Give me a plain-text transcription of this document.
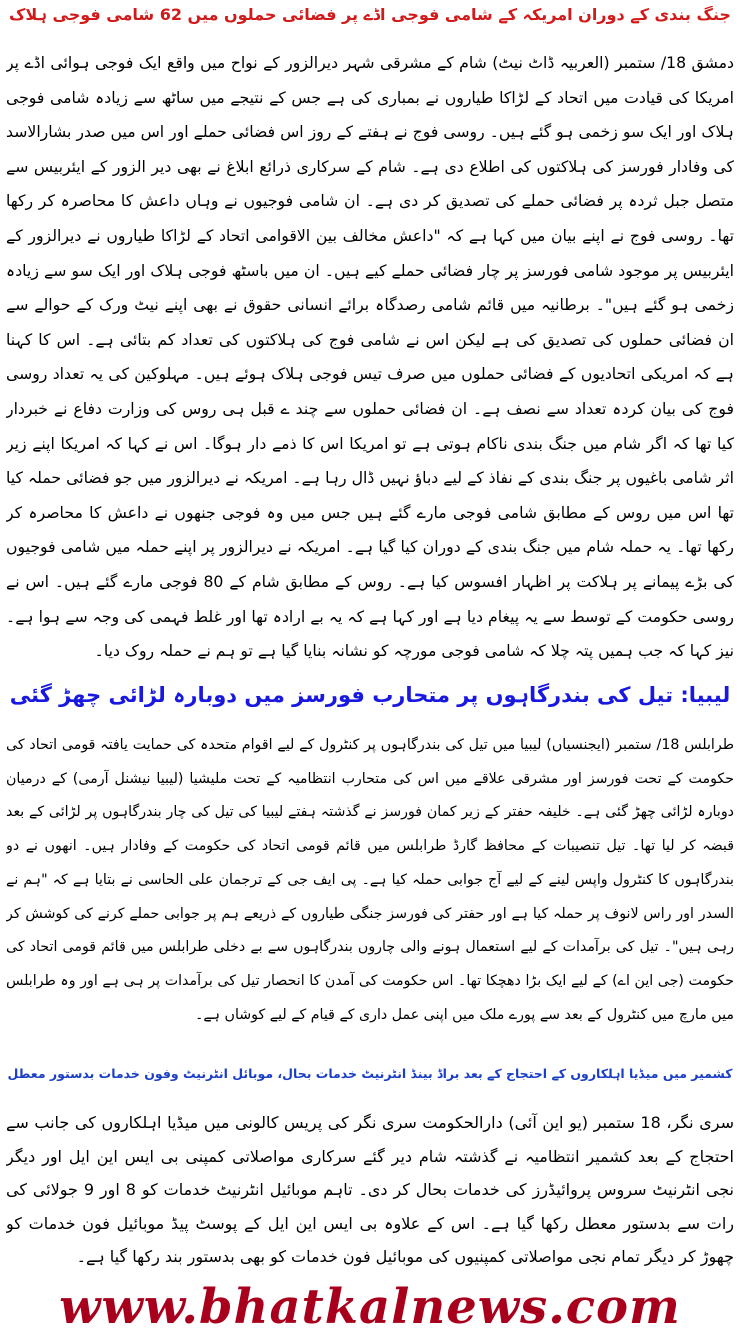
جنگ بندی کے دوران امریکہ کے شامی فوجی اڈے پر فضائی حملوں میں 62 شامی فوجی ہلاک
دمشق 18/ ستمبر (العربیہ ڈاٹ نیٹ) شام کے مشرقی شہر دیرالزور کے نواح میں واقع ایک فوجی ہوائی اڈے پر امریکا کی قیادت میں اتحاد کے لڑاکا طیاروں نے بمباری کی ہے جس کے نتیجے میں ساٹھ سے زیادہ شامی فوجی ہلاک اور ایک سو زخمی ہو گئے ہیں۔ روسی فوج نے ہفتے کے روز اس فضائی حملے اور اس میں صدر بشارالاسد کی وفادار فورسز کی ہلاکتوں کی اطلاع دی ہے۔ شام کے سرکاری ذرائع ابلاغ نے بھی دیر الزور کے ایئربیس سے متصل جبل ثردہ پر فضائی حملے کی تصدیق کر دی ہے۔ ان شامی فوجیوں نے وہاں داعش کا محاصرہ کر رکھا تھا۔ روسی فوج نے اپنے بیان میں کہا ہے کہ "داعش مخالف بین الاقوامی اتحاد کے لڑاکا طیاروں نے دیرالزور کے ایئربیس پر موجود شامی فورسز پر چار فضائی حملے کیے ہیں۔ ان میں باسٹھ فوجی ہلاک اور ایک سو سے زیادہ زخمی ہو گئے ہیں"۔ برطانیہ میں قائم شامی رصدگاہ برائے انسانی حقوق نے بھی اپنے نیٹ ورک کے حوالے سے ان فضائی حملوں کی تصدیق کی ہے لیکن اس نے شامی فوج کی ہلاکتوں کی تعداد کم بتائی ہے۔ اس کا کہنا ہے کہ امریکی اتحادیوں کے فضائی حملوں میں صرف تیس فوجی ہلاک ہوئے ہیں۔ مہلوکین کی یہ تعداد روسی فوج کی بیان کردہ تعداد سے نصف ہے۔ ان فضائی حملوں سے چند ے قبل ہی روس کی وزارت دفاع نے خبردار کیا تھا کہ اگر شام میں جنگ بندی ناکام ہوتی ہے تو امریکا اس کا ذمے دار ہوگا۔ اس نے کہا کہ امریکا اپنے زیر اثر شامی باغیوں پر جنگ بندی کے نفاذ کے لیے دباؤ نہیں ڈال رہا ہے۔ امریکہ نے دیرالزور میں جو فضائی حملہ کیا تھا اس میں روس کے مطابق شامی فوجی مارے گئے ہیں جس میں وہ فوجی جنھوں نے داعش کا محاصرہ کر رکھا تھا۔ یہ حملہ شام میں جنگ بندی کے دوران کیا گیا ہے۔ امریکہ نے دیرالزور پر اپنے حملہ میں شامی فوجیوں کی بڑے پیمانے پر ہلاکت پر اظہار افسوس کیا ہے۔ روس کے مطابق شام کے 80 فوجی مارے گئے ہیں۔ اس نے روسی حکومت کے توسط سے یہ پیغام دیا ہے اور کہا ہے کہ یہ بے ارادہ تھا اور غلط فہمی کی وجہ سے ہوا ہے۔ نیز کہا کہ جب ہمیں پتہ چلا کہ شامی فوجی مورچہ کو نشانہ بنایا گیا ہے تو ہم نے حملہ روک دیا۔
لیبیا: تیل کی بندرگاہوں پر متحارب فورسز میں دوبارہ لڑائی چھڑ گئی
طرابلس 18/ ستمبر (ایجنسیاں) لیبیا میں تیل کی بندرگاہوں پر کنٹرول کے لیے اقوام متحدہ کی حمایت یافتہ قومی اتحاد کی حکومت کے تحت فورسز اور مشرقی علاقے میں اس کی متحارب انتظامیہ کے تحت ملیشیا (لیبیا نیشنل آرمی) کے درمیان دوبارہ لڑائی چھڑ گئی ہے۔ خلیفہ حفتر کے زیر کمان فورسز نے گذشتہ ہفتے لیبیا کی تیل کی چار بندرگاہوں پر لڑائی کے بعد قبضہ کر لیا تھا۔ تیل تنصیبات کے محافظ گارڈ طرابلس میں قائم قومی اتحاد کی حکومت کے وفادار ہیں۔ انھوں نے دو بندرگاہوں کا کنٹرول واپس لینے کے لیے آج جوابی حملہ کیا ہے۔ پی ایف جی کے ترجمان علی الحاسی نے بتایا ہے کہ "ہم نے السدر اور راس لانوف پر حملہ کیا ہے اور حفتر کی فورسز جنگی طیاروں کے ذریعے ہم پر جوابی حملے کرنے کی کوشش کر رہی ہیں"۔ تیل کی برآمدات کے لیے استعمال ہونے والی چاروں بندرگاہوں سے بے دخلی طرابلس میں قائم قومی اتحاد کی حکومت (جی این اے) کے لیے ایک بڑا دھچکا تھا۔ اس حکومت کی آمدن کا انحصار تیل کی برآمدات پر ہی ہے اور وہ طرابلس میں مارچ میں کنٹرول کے بعد سے پورے ملک میں اپنی عمل داری کے قیام کے لیے کوشاں ہے۔
کشمیر میں میڈیا اہلکاروں کے احتجاج کے بعد براڈ بینڈ انٹرنیٹ خدمات بحال، موبائل انٹرنیٹ وفون خدمات بدستور معطل
سری نگر، 18 ستمبر (یو این آئی) دارالحکومت سری نگر کی پریس کالونی میں میڈیا اہلکاروں کی جانب سے احتجاج کے بعد کشمیر انتظامیہ نے گذشتہ شام دیر گئے سرکاری مواصلاتی کمپنی بی ایس این ایل اور دیگر نجی انٹرنیٹ سروس پروائیڈرز کی خدمات بحال کر دی۔ تاہم موبائیل انٹرنیٹ خدمات کو 8 اور 9 جولائی کی رات سے بدستور معطل رکھا گیا ہے۔ اس کے علاوہ بی ایس این ایل کے پوسٹ پیڈ موبائیل فون خدمات کو چھوڑ کر دیگر تمام نجی مواصلاتی کمپنیوں کی موبائیل فون خدمات کو بھی بدستور بند رکھا گیا ہے۔
www.bhatkalnews.com
